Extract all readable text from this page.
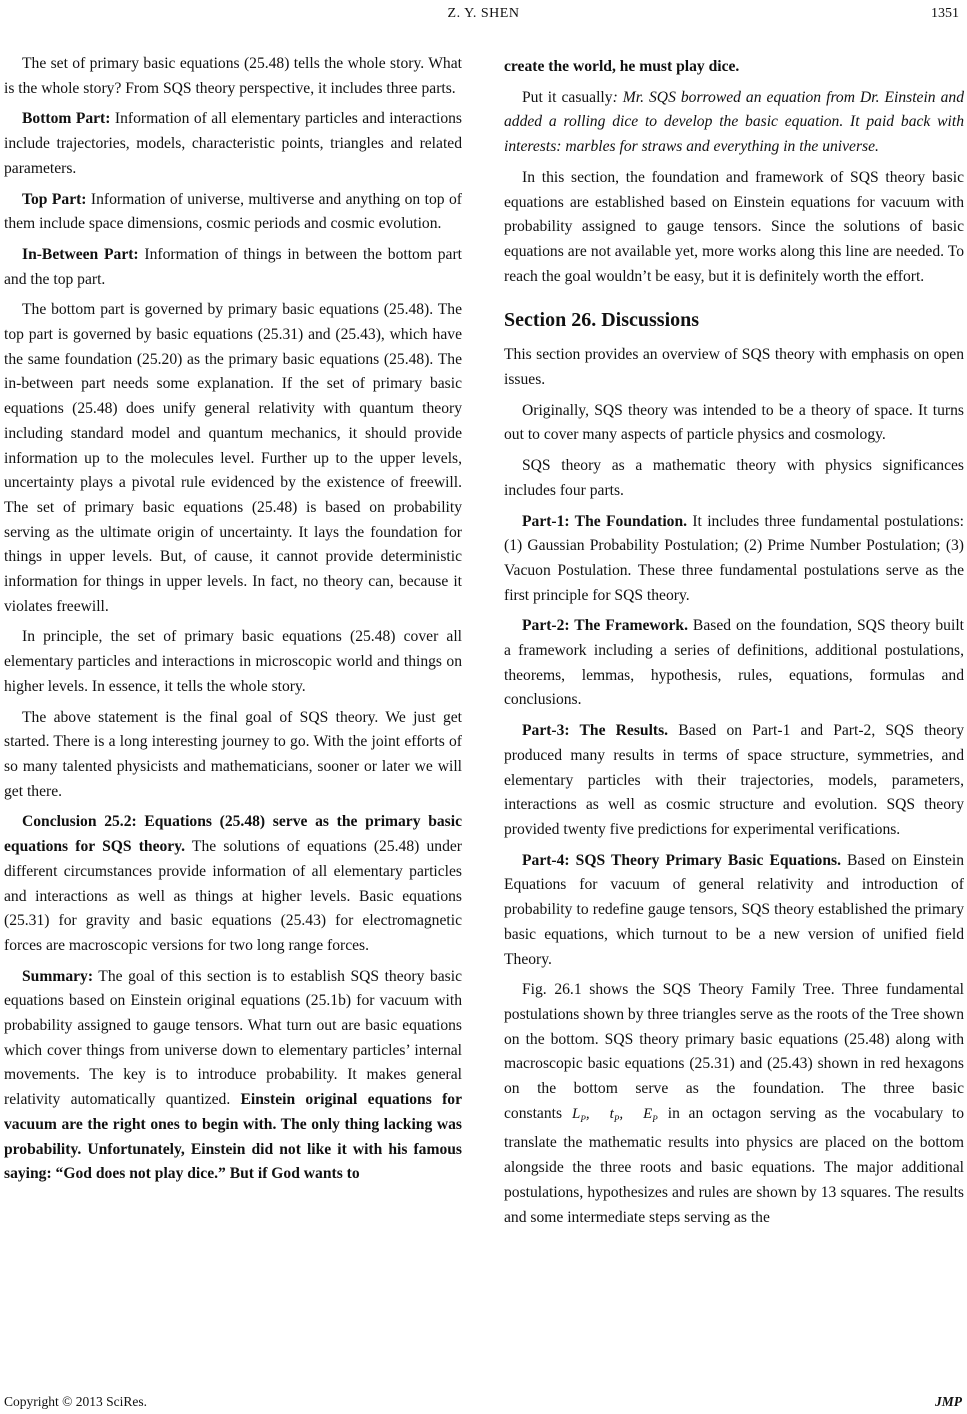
Z. Y. SHEN	1351

The set of primary basic equations (25.48) tells the whole story. What is the whole story? From SQS theory perspective, it includes three parts.

Bottom Part: Information of all elementary particles and interactions include trajectories, models, characteristic points, triangles and related parameters.

Top Part: Information of universe, multiverse and anything on top of them include space dimensions, cosmic periods and cosmic evolution.

In-Between Part: Information of things in between the bottom part and the top part.

The bottom part is governed by primary basic equations (25.48). The top part is governed by basic equations (25.31) and (25.43), which have the same foundation (25.20) as the primary basic equations (25.48). The in-between part needs some explanation. If the set of primary basic equations (25.48) does unify general relativity with quantum theory including standard model and quantum mechanics, it should provide information up to the molecules level. Further up to the upper levels, uncertainty plays a pivotal rule evidenced by the existence of freewill. The set of primary basic equations (25.48) is based on probability serving as the ultimate origin of uncertainty. It lays the foundation for things in upper levels. But, of cause, it cannot provide deterministic information for things in upper levels. In fact, no theory can, because it violates freewill.

In principle, the set of primary basic equations (25.48) cover all elementary particles and interactions in microscopic world and things on higher levels. In essence, it tells the whole story.

The above statement is the final goal of SQS theory. We just get started. There is a long interesting journey to go. With the joint efforts of so many talented physicists and mathematicians, sooner or later we will get there.

Conclusion 25.2: Equations (25.48) serve as the primary basic equations for SQS theory. The solutions of equations (25.48) under different circumstances provide information of all elementary particles and interactions as well as things at higher levels. Basic equations (25.31) for gravity and basic equations (25.43) for electromagnetic forces are macroscopic versions for two long range forces.

Summary: The goal of this section is to establish SQS theory basic equations based on Einstein original equations (25.1b) for vacuum with probability assigned to gauge tensors. What turn out are basic equations which cover things from universe down to elementary particles’ internal movements. The key is to introduce probability. It makes general relativity automatically quantized. Einstein original equations for vacuum are the right ones to begin with. The only thing lacking was probability. Unfortunately, Einstein did not like it with his famous saying: “God does not play dice.” But if God wants to

create the world, he must play dice.

Put it casually: Mr. SQS borrowed an equation from Dr. Einstein and added a rolling dice to develop the basic equation. It paid back with interests: marbles for straws and everything in the universe.

In this section, the foundation and framework of SQS theory basic equations are established based on Einstein equations for vacuum with probability assigned to gauge tensors. Since the solutions of basic equations are not available yet, more works along this line are needed. To reach the goal wouldn’t be easy, but it is definitely worth the effort.

Section 26. Discussions

This section provides an overview of SQS theory with emphasis on open issues.

Originally, SQS theory was intended to be a theory of space. It turns out to cover many aspects of particle physics and cosmology.

SQS theory as a mathematic theory with physics significances includes four parts.

Part-1: The Foundation. It includes three fundamental postulations: (1) Gaussian Probability Postulation; (2) Prime Number Postulation; (3) Vacuon Postulation. These three fundamental postulations serve as the first principle for SQS theory.

Part-2: The Framework. Based on the foundation, SQS theory built a framework including a series of definitions, additional postulations, theorems, lemmas, hypothesis, rules, equations, formulas and conclusions.

Part-3: The Results. Based on Part-1 and Part-2, SQS theory produced many results in terms of space structure, symmetries, and elementary particles with their trajectories, models, parameters, interactions as well as cosmic structure and evolution. SQS theory provided twenty five predictions for experimental verifications.

Part-4: SQS Theory Primary Basic Equations. Based on Einstein Equations for vacuum of general relativity and introduction of probability to redefine gauge tensors, SQS theory established the primary basic equations, which turnout to be a new version of unified field Theory.

Fig. 26.1 shows the SQS Theory Family Tree. Three fundamental postulations shown by three triangles serve as the roots of the Tree shown on the bottom. SQS theory primary basic equations (25.48) along with macroscopic basic equations (25.31) and (25.43) shown in red hexagons on the bottom serve as the foundation. The three basic constants $L_P$, $t_P$, $E_P$ in an octagon serving as the vocabulary to translate the mathematic results into physics are placed on the bottom alongside the three roots and basic equations. The major additional postulations, hypothesizes and rules are shown by 13 squares. The results and some intermediate steps serving as the

Copyright © 2013 SciRes.	JMP
